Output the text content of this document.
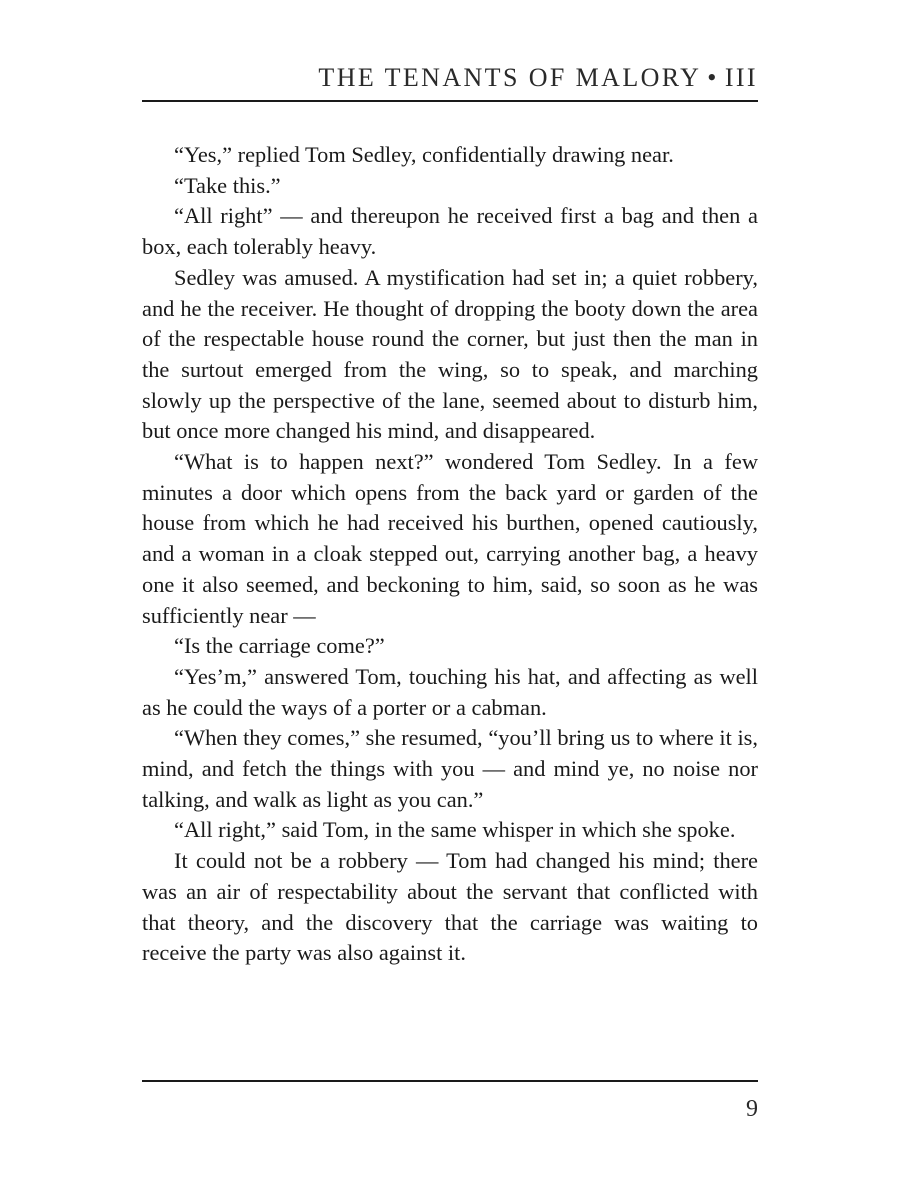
THE TENANTS OF MALORY • III

“Yes,” replied Tom Sedley, confidentially drawing near.

“Take this.”

“All right” — and thereupon he received first a bag and then a box, each tolerably heavy.

Sedley was amused. A mystification had set in; a quiet robbery, and he the receiver. He thought of dropping the booty down the area of the respectable house round the corner, but just then the man in the surtout emerged from the wing, so to speak, and marching slowly up the perspective of the lane, seemed about to disturb him, but once more changed his mind, and disappeared.

“What is to happen next?” wondered Tom Sedley. In a few minutes a door which opens from the back yard or garden of the house from which he had received his burthen, opened cautiously, and a woman in a cloak stepped out, carrying another bag, a heavy one it also seemed, and beckoning to him, said, so soon as he was sufficiently near —

“Is the carriage come?”

“Yes’m,” answered Tom, touching his hat, and affecting as well as he could the ways of a porter or a cabman.

“When they comes,” she resumed, “you’ll bring us to where it is, mind, and fetch the things with you — and mind ye, no noise nor talking, and walk as light as you can.”

“All right,” said Tom, in the same whisper in which she spoke.

It could not be a robbery — Tom had changed his mind; there was an air of respectability about the servant that conflicted with that theory, and the discovery that the carriage was waiting to receive the party was also against it.

9
